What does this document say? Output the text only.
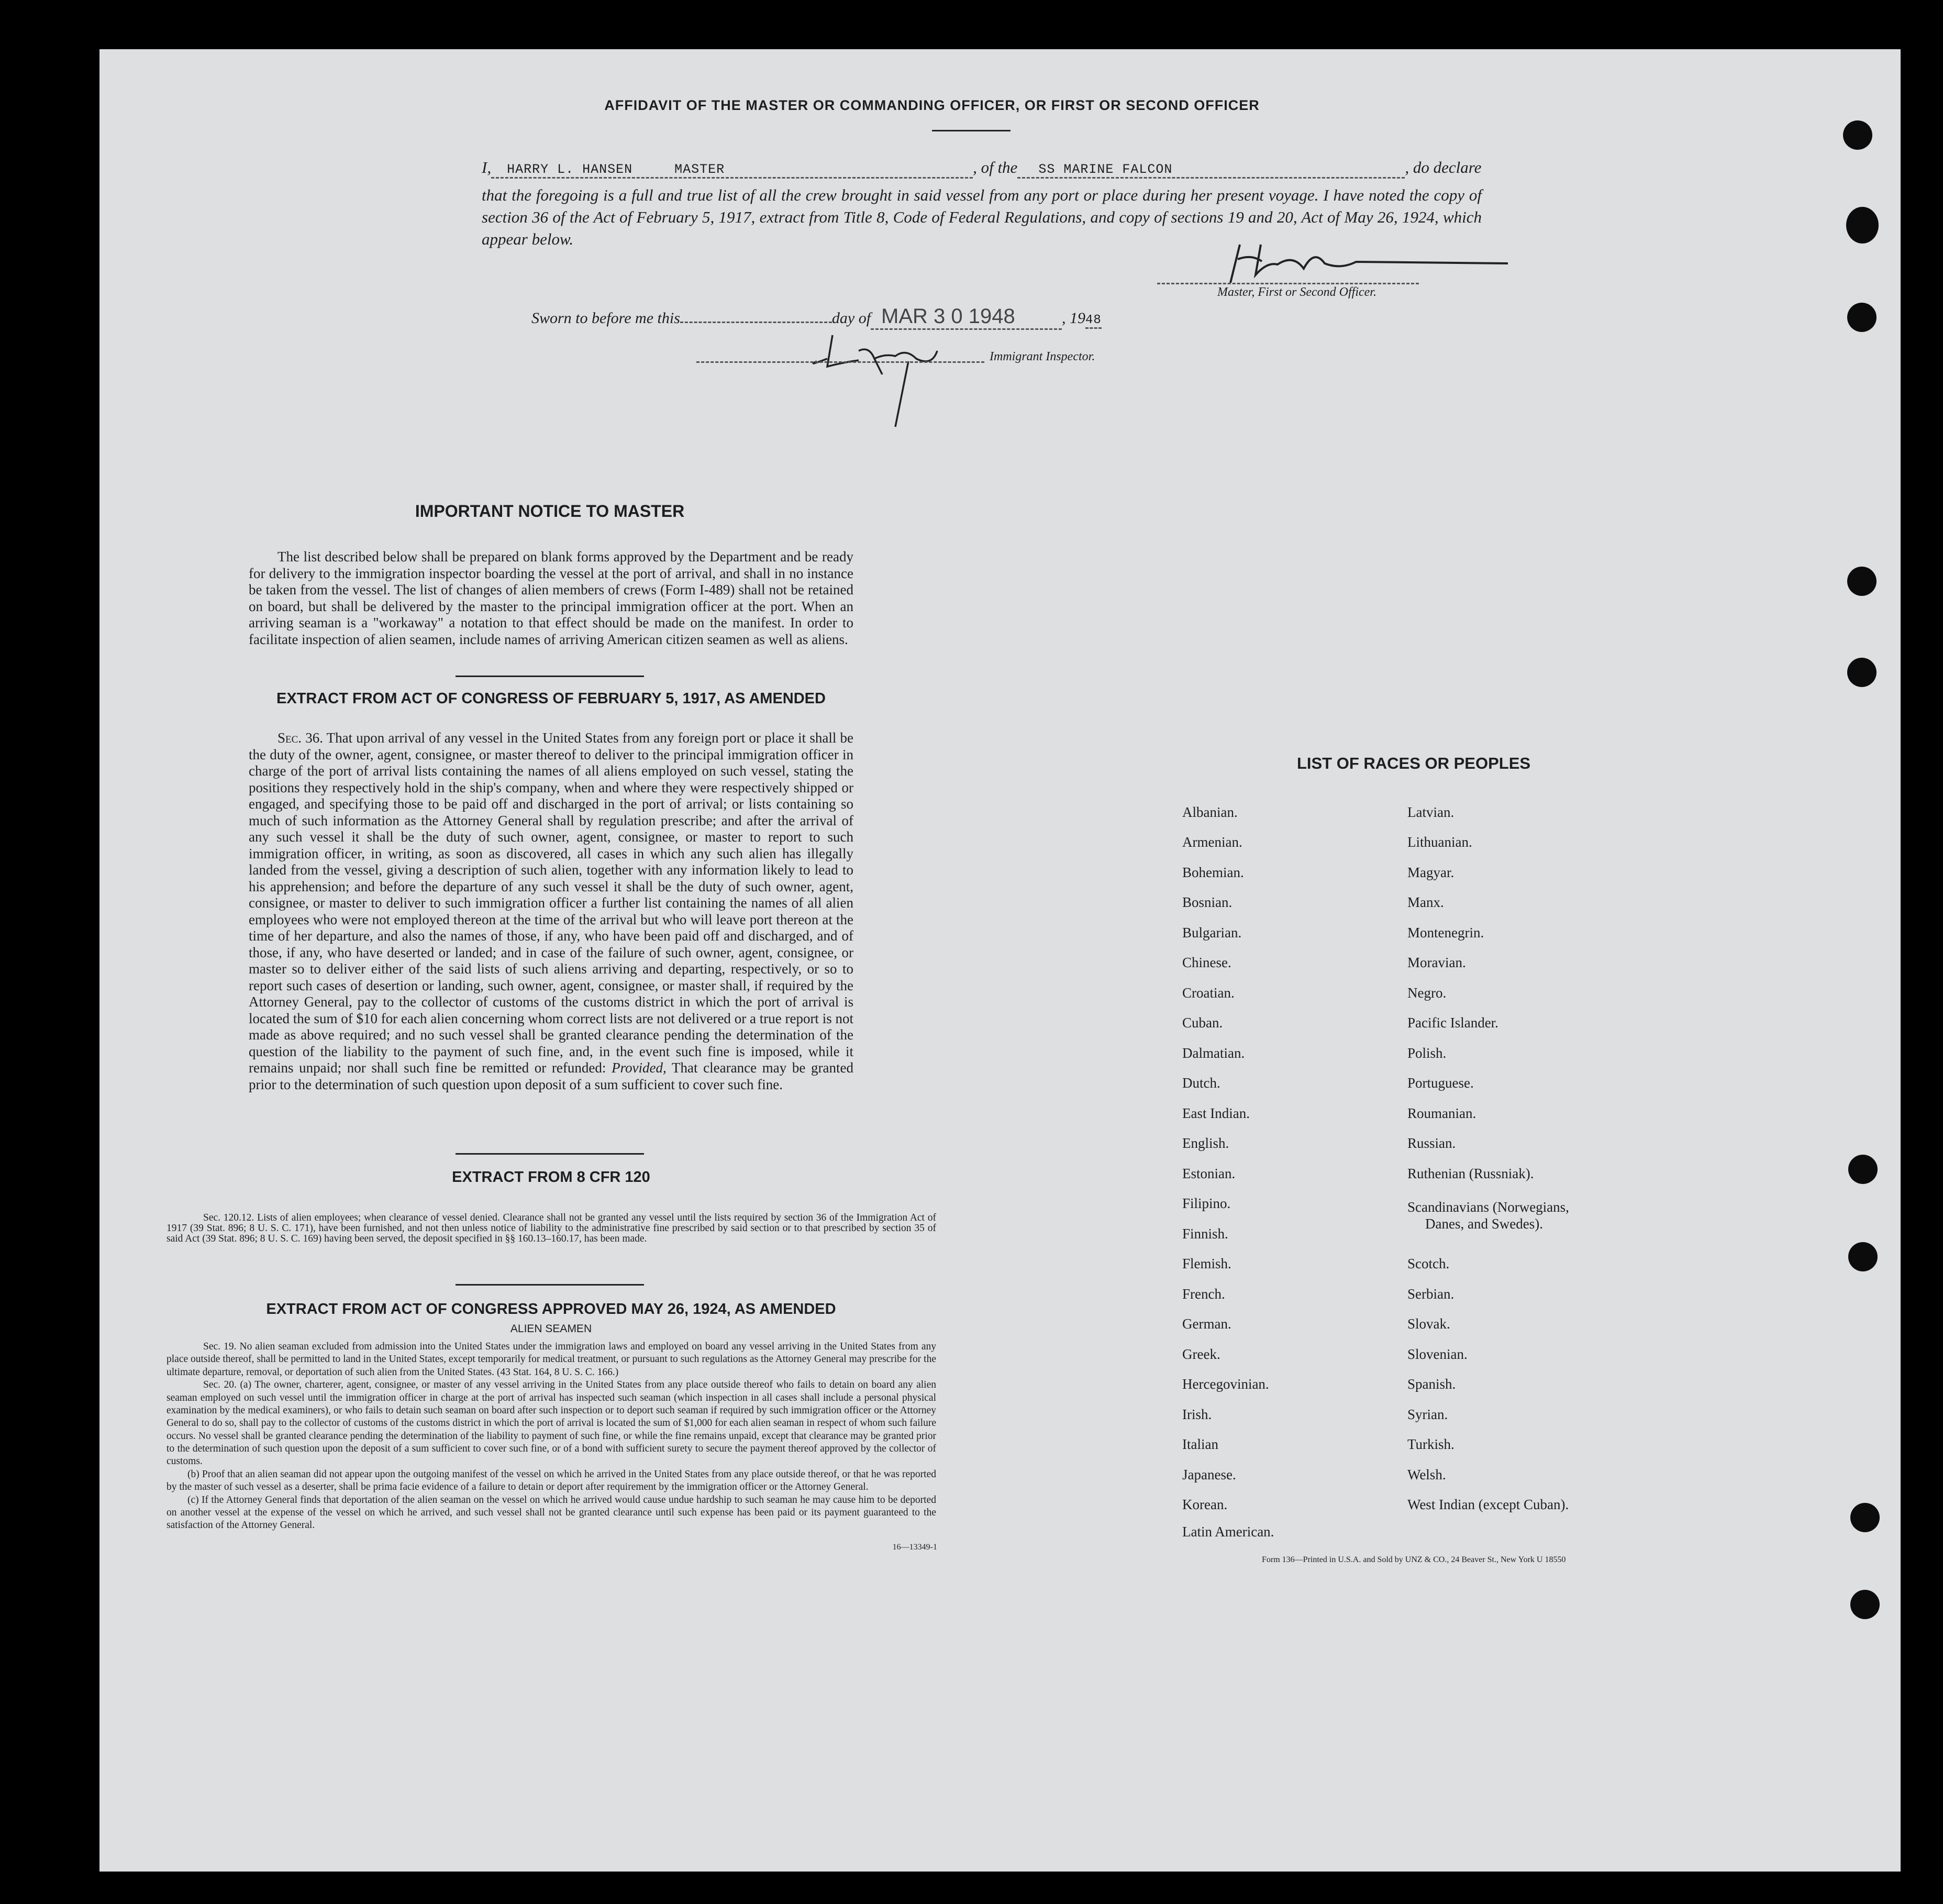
AFFIDAVIT OF THE MASTER OR COMMANDING OFFICER, OR FIRST OR SECOND OFFICER
I, HARRY L. HANSEN     MASTER	, of the SS MARINE FALCON	, do declare
that the foregoing is a full and true list of all the crew brought in said vessel from any port or place during her present voyage. I have noted the copy of section 36 of the Act of February 5, 1917, extract from Title 8, Code of Federal Regulations, and copy of sections 19 and 20, Act of May 26, 1924, which appear below.
Master, First or Second Officer.
Sworn to before me this	day of MAR 3 0 1948	, 1948
Immigrant Inspector.
IMPORTANT NOTICE TO MASTER
The list described below shall be prepared on blank forms approved by the Department and be ready for delivery to the immigration inspector boarding the vessel at the port of arrival, and shall in no instance be taken from the vessel. The list of changes of alien members of crews (Form I-489) shall not be retained on board, but shall be delivered by the master to the principal immigration officer at the port. When an arriving seaman is a "workaway" a notation to that effect should be made on the manifest. In order to facilitate inspection of alien seamen, include names of arriving American citizen seamen as well as aliens.
EXTRACT FROM ACT OF CONGRESS OF FEBRUARY 5, 1917, AS AMENDED
Sec. 36. That upon arrival of any vessel in the United States from any foreign port or place it shall be the duty of the owner, agent, consignee, or master thereof to deliver to the principal immigration officer in charge of the port of arrival lists containing the names of all aliens employed on such vessel, stating the positions they respectively hold in the ship's company, when and where they were respectively shipped or engaged, and specifying those to be paid off and discharged in the port of arrival; or lists containing so much of such information as the Attorney General shall by regulation prescribe; and after the arrival of any such vessel it shall be the duty of such owner, agent, consignee, or master to report to such immigration officer, in writing, as soon as discovered, all cases in which any such alien has illegally landed from the vessel, giving a description of such alien, together with any information likely to lead to his apprehension; and before the departure of any such vessel it shall be the duty of such owner, agent, consignee, or master to deliver to such immigration officer a further list containing the names of all alien employees who were not employed thereon at the time of the arrival but who will leave port thereon at the time of her departure, and also the names of those, if any, who have been paid off and discharged, and of those, if any, who have deserted or landed; and in case of the failure of such owner, agent, consignee, or master so to deliver either of the said lists of such aliens arriving and departing, respectively, or so to report such cases of desertion or landing, such owner, agent, consignee, or master shall, if required by the Attorney General, pay to the collector of customs of the customs district in which the port of arrival is located the sum of $10 for each alien concerning whom correct lists are not delivered or a true report is not made as above required; and no such vessel shall be granted clearance pending the determination of the question of the liability to the payment of such fine, and, in the event such fine is imposed, while it remains unpaid; nor shall such fine be remitted or refunded: Provided, That clearance may be granted prior to the determination of such question upon deposit of a sum sufficient to cover such fine.
EXTRACT FROM 8 CFR 120
Sec. 120.12. Lists of alien employees; when clearance of vessel denied. Clearance shall not be granted any vessel until the lists required by section 36 of the Immigration Act of 1917 (39 Stat. 896; 8 U. S. C. 171), have been furnished, and not then unless notice of liability to the administrative fine prescribed by said section or to that prescribed by section 35 of said Act (39 Stat. 896; 8 U. S. C. 169) having been served, the deposit specified in §§ 160.13–160.17, has been made.
EXTRACT FROM ACT OF CONGRESS APPROVED MAY 26, 1924, AS AMENDED
ALIEN SEAMEN
Sec. 19. No alien seaman excluded from admission into the United States under the immigration laws and employed on board any vessel arriving in the United States from any place outside thereof, shall be permitted to land in the United States, except temporarily for medical treatment, or pursuant to such regulations as the Attorney General may prescribe for the ultimate departure, removal, or deportation of such alien from the United States. (43 Stat. 164, 8 U. S. C. 166.)
Sec. 20. (a) The owner, charterer, agent, consignee, or master of any vessel arriving in the United States from any place outside thereof who fails to detain on board any alien seaman employed on such vessel until the immigration officer in charge at the port of arrival has inspected such seaman (which inspection in all cases shall include a personal physical examination by the medical examiners), or who fails to detain such seaman on board after such inspection or to deport such seaman if required by such immigration officer or the Attorney General to do so, shall pay to the collector of customs of the customs district in which the port of arrival is located the sum of $1,000 for each alien seaman in respect of whom such failure occurs. No vessel shall be granted clearance pending the determination of the liability to payment of such fine, or while the fine remains unpaid, except that clearance may be granted prior to the determination of such question upon the deposit of a sum sufficient to cover such fine, or of a bond with sufficient surety to secure the payment thereof approved by the collector of customs.
(b) Proof that an alien seaman did not appear upon the outgoing manifest of the vessel on which he arrived in the United States from any place outside thereof, or that he was reported by the master of such vessel as a deserter, shall be prima facie evidence of a failure to detain or deport after requirement by the immigration officer or the Attorney General.
(c) If the Attorney General finds that deportation of the alien seaman on the vessel on which he arrived would cause undue hardship to such seaman he may cause him to be deported on another vessel at the expense of the vessel on which he arrived, and such vessel shall not be granted clearance until such expense has been paid or its payment guaranteed to the satisfaction of the Attorney General.
16—13349-1
LIST OF RACES OR PEOPLES
Albanian.
Armenian.
Bohemian.
Bosnian.
Bulgarian.
Chinese.
Croatian.
Cuban.
Dalmatian.
Dutch.
East Indian.
English.
Estonian.
Filipino.
Finnish.
Flemish.
French.
German.
Greek.
Hercegovinian.
Irish.
Italian
Japanese.
Korean.
Latin American.
Latvian.
Lithuanian.
Magyar.
Manx.
Montenegrin.
Moravian.
Negro.
Pacific Islander.
Polish.
Portuguese.
Roumanian.
Russian.
Ruthenian (Russniak).
Scandinavians (Norwegians,
Danes, and Swedes).
Scotch.
Serbian.
Slovak.
Slovenian.
Spanish.
Syrian.
Turkish.
Welsh.
West Indian (except Cuban).
Form 136—Printed in U.S.A. and Sold by UNZ & CO., 24 Beaver St., New York U 18550
